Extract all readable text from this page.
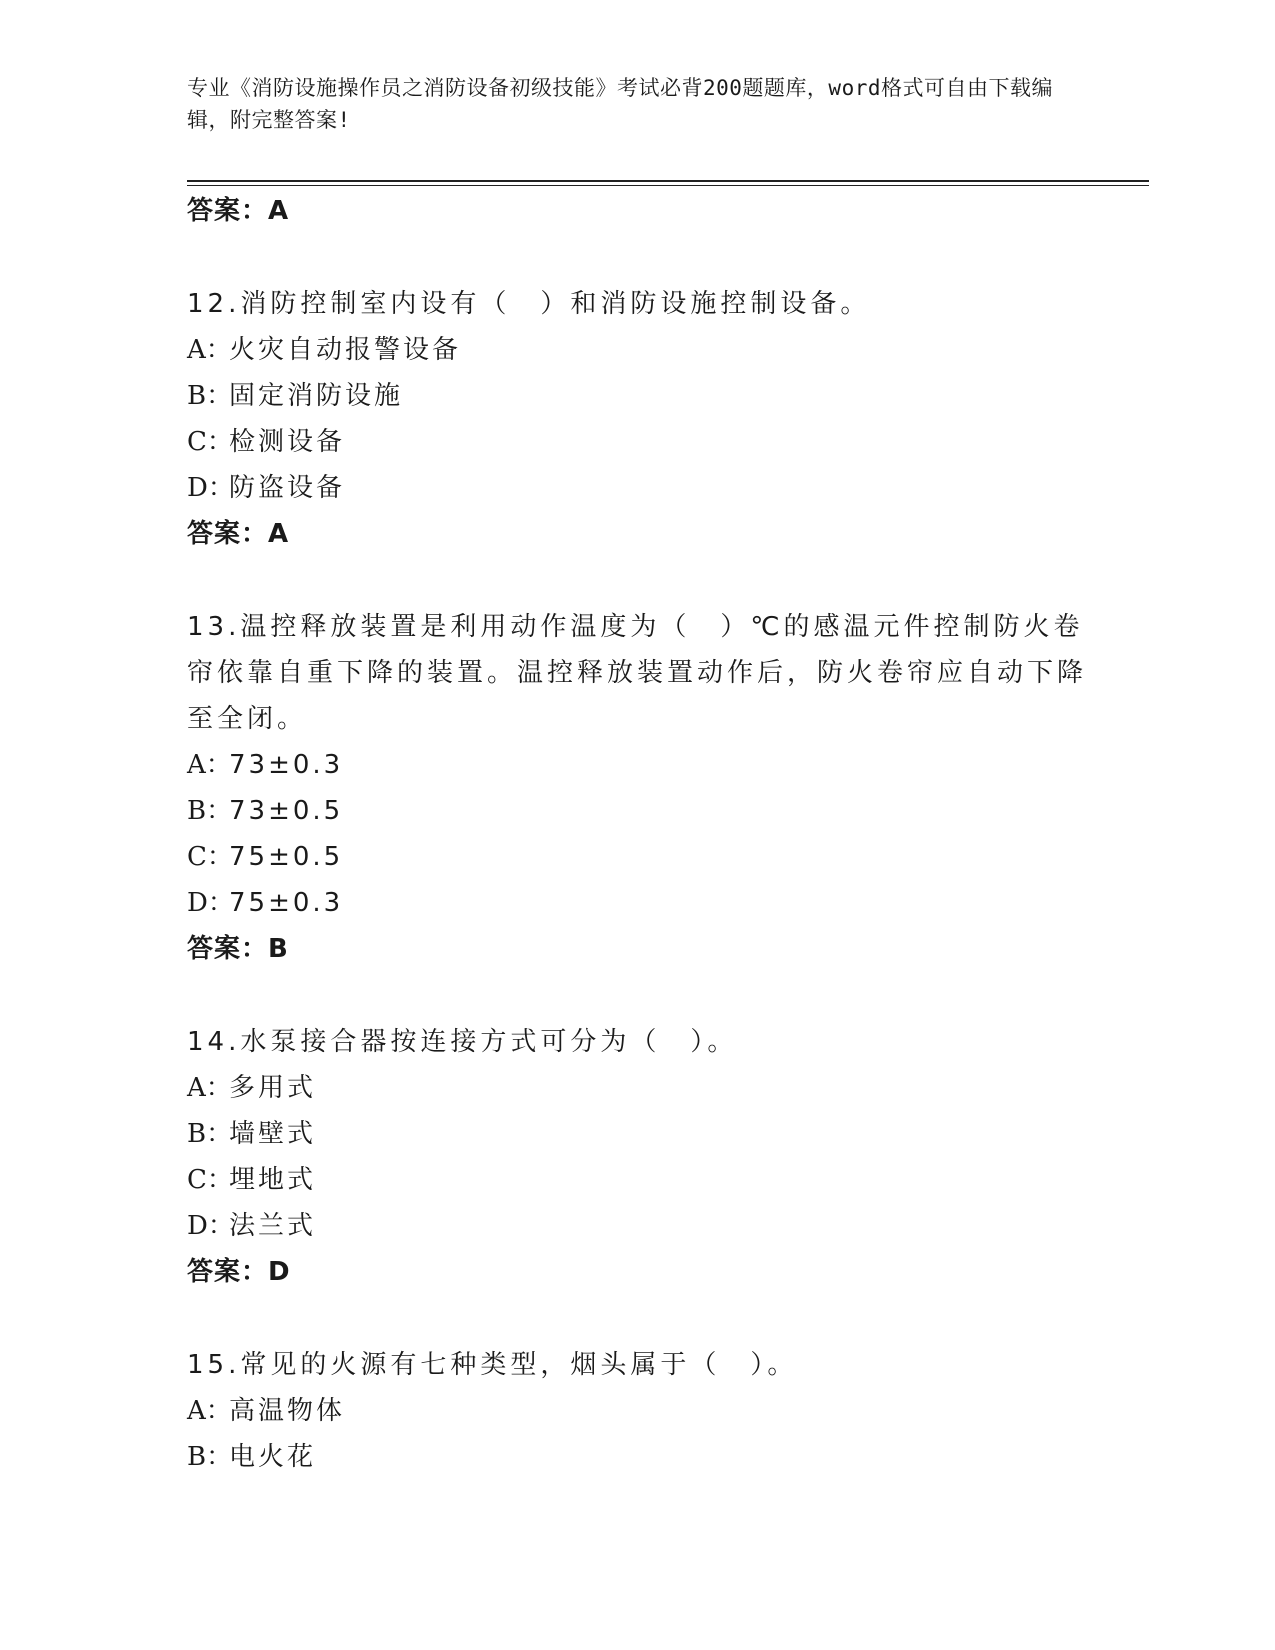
专业《消防设施操作员之消防设备初级技能》考试必背200题题库，word格式可自由下载编辑，附完整答案!
答案：A
12.消防控制室内设有（　）和消防设施控制设备。
A：火灾自动报警设备
B：固定消防设施
C：检测设备
D：防盗设备
答案：A
13.温控释放装置是利用动作温度为（　）℃的感温元件控制防火卷帘依靠自重下降的装置。温控释放装置动作后，防火卷帘应自动下降至全闭。
A：73±0.3
B：73±0.5
C：75±0.5
D：75±0.3
答案：B
14.水泵接合器按连接方式可分为（　）。
A：多用式
B：墙壁式
C：埋地式
D：法兰式
答案：D
15.常见的火源有七种类型，烟头属于（　）。
A：高温物体
B：电火花
